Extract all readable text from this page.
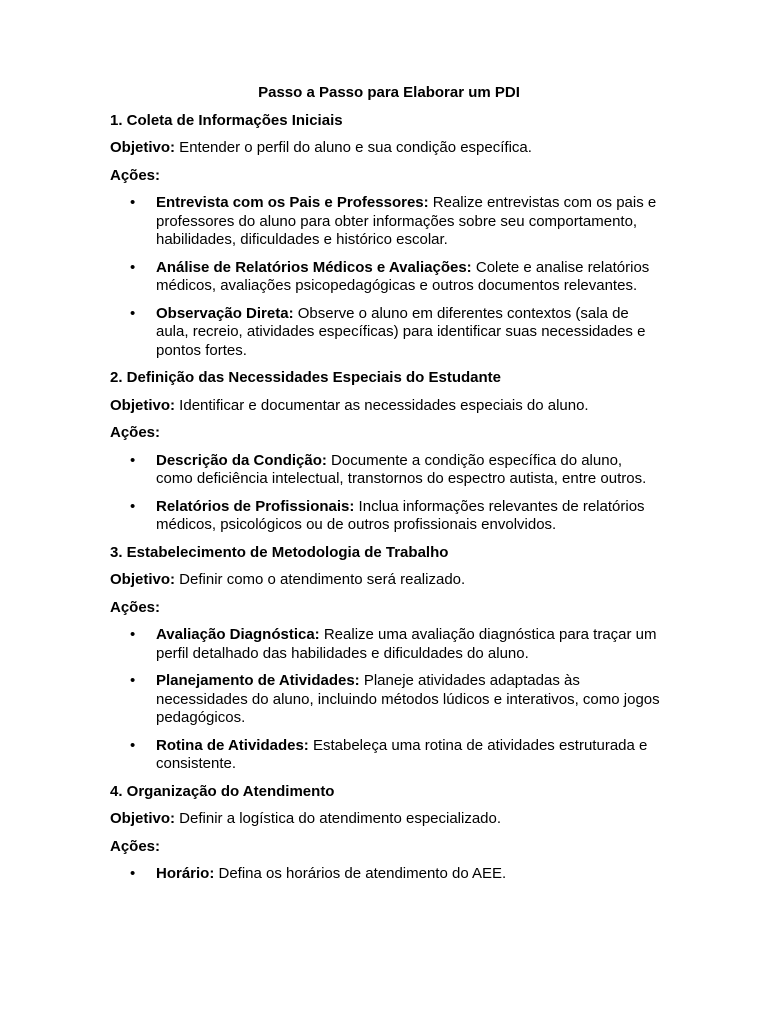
Passo a Passo para Elaborar um PDI
1. Coleta de Informações Iniciais
Objetivo: Entender o perfil do aluno e sua condição específica.
Ações:
• Entrevista com os Pais e Professores: Realize entrevistas com os pais e professores do aluno para obter informações sobre seu comportamento, habilidades, dificuldades e histórico escolar.
• Análise de Relatórios Médicos e Avaliações: Colete e analise relatórios médicos, avaliações psicopedagógicas e outros documentos relevantes.
• Observação Direta: Observe o aluno em diferentes contextos (sala de aula, recreio, atividades específicas) para identificar suas necessidades e pontos fortes.
2. Definição das Necessidades Especiais do Estudante
Objetivo: Identificar e documentar as necessidades especiais do aluno.
Ações:
• Descrição da Condição: Documente a condição específica do aluno, como deficiência intelectual, transtornos do espectro autista, entre outros.
• Relatórios de Profissionais: Inclua informações relevantes de relatórios médicos, psicológicos ou de outros profissionais envolvidos.
3. Estabelecimento de Metodologia de Trabalho
Objetivo: Definir como o atendimento será realizado.
Ações:
• Avaliação Diagnóstica: Realize uma avaliação diagnóstica para traçar um perfil detalhado das habilidades e dificuldades do aluno.
• Planejamento de Atividades: Planeje atividades adaptadas às necessidades do aluno, incluindo métodos lúdicos e interativos, como jogos pedagógicos.
• Rotina de Atividades: Estabeleça uma rotina de atividades estruturada e consistente.
4. Organização do Atendimento
Objetivo: Definir a logística do atendimento especializado.
Ações:
• Horário: Defina os horários de atendimento do AEE.
